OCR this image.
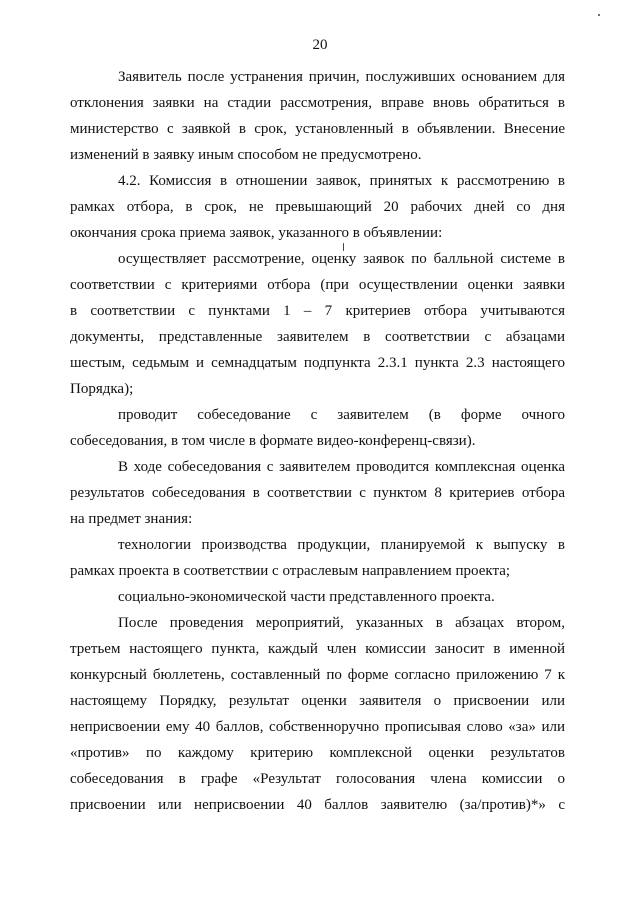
20
Заявитель после устранения причин, послуживших основанием для
отклонения заявки на стадии рассмотрения, вправе вновь обратиться в
министерство с заявкой в срок, установленный в объявлении. Внесение
изменений в заявку иным способом не предусмотрено.
4.2. Комиссия в отношении заявок, принятых к рассмотрению в
рамках отбора, в срок, не превышающий 20 рабочих дней со дня
окончания срока приема заявок, указанного в объявлении:
осуществляет рассмотрение, оценку заявок по балльной системе в
соответствии с критериями отбора (при осуществлении оценки заявки
в соответствии с пунктами 1 – 7 критериев отбора учитываются
документы, представленные заявителем в соответствии с абзацами
шестым, седьмым и семнадцатым подпункта 2.3.1 пункта 2.3 настоящего
Порядка);
проводит собеседование с заявителем (в форме очного
собеседования, в том числе в формате видео-конференц-связи).
В ходе собеседования с заявителем проводится комплексная оценка
результатов собеседования в соответствии с пунктом 8 критериев отбора
на предмет знания:
технологии производства продукции, планируемой к выпуску в
рамках проекта в соответствии с отраслевым направлением проекта;
социально-экономической части представленного проекта.
После проведения мероприятий, указанных в абзацах втором,
третьем настоящего пункта, каждый член комиссии заносит в именной
конкурсный бюллетень, составленный по форме согласно приложению 7 к
настоящему Порядку, результат оценки заявителя о присвоении или
неприсвоении ему 40 баллов, собственноручно прописывая слово «за» или
«против» по каждому критерию комплексной оценки результатов
собеседования в графе «Результат голосования члена комиссии о
присвоении или неприсвоении 40 баллов заявителю (за/против)*» с
